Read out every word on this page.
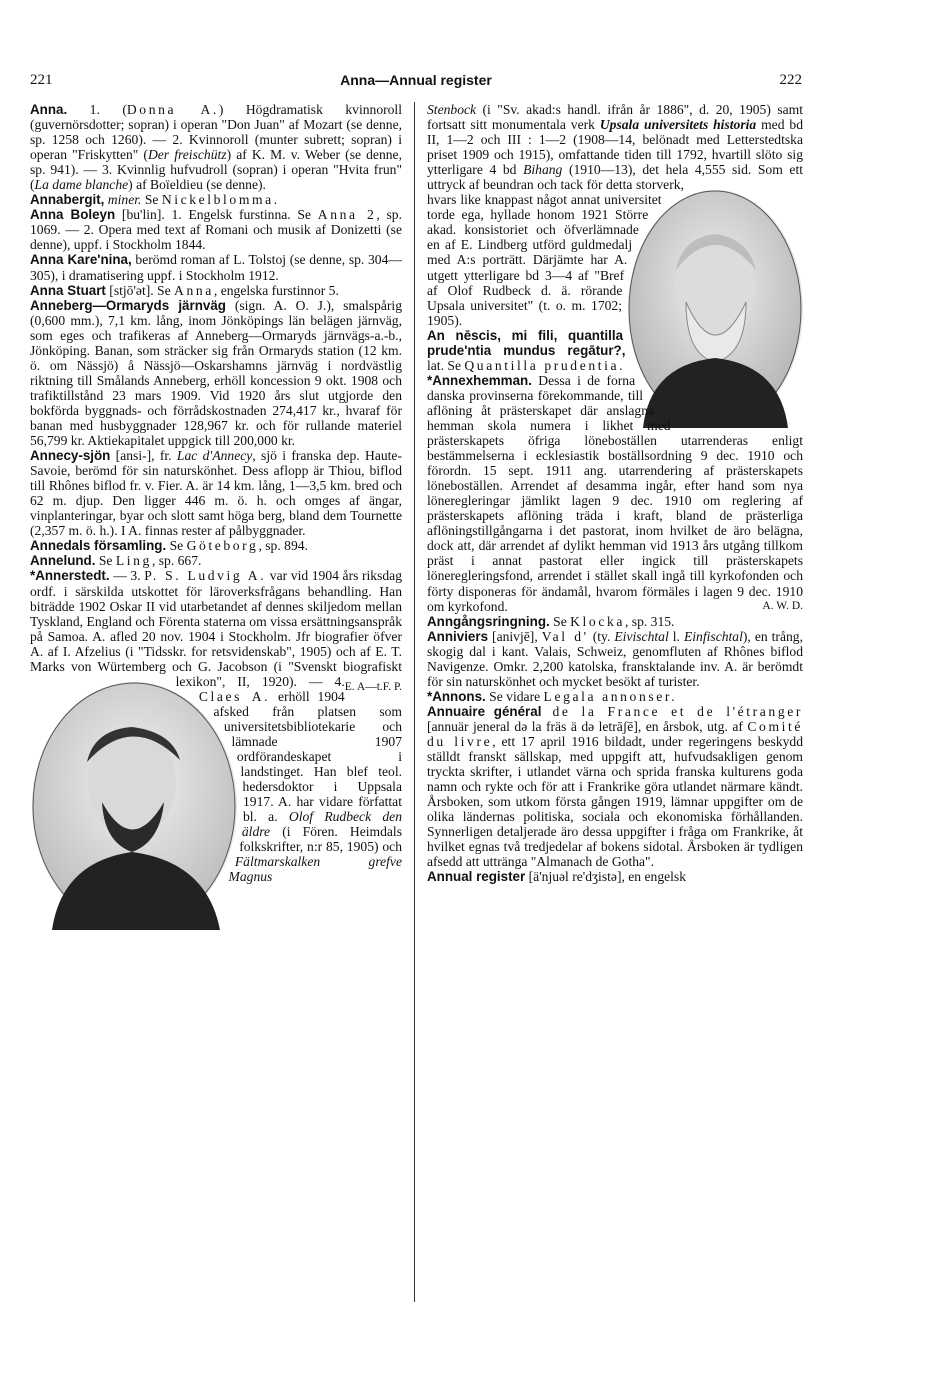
221	Anna—Annual register	222

Anna. 1. (Donna A.) Högdramatisk kvinnoroll (guvernörsdotter; sopran) i operan "Don Juan" af Mozart (se denne, sp. 1258 och 1260). — 2. Kvinnoroll (munter subrett; sopran) i operan "Friskytten" (Der freischütz) af K. M. v. Weber (se denne, sp. 941). — 3. Kvinnlig hufvudroll (sopran) i operan "Hvita frun" (La dame blanche) af Boïeldieu (se denne).

Annabergit, miner. Se Nickelblomma.

Anna Boleyn [bu'lin]. 1. Engelsk furstinna. Se Anna 2, sp. 1069. — 2. Opera med text af Romani och musik af Donizetti (se denne), uppf. i Stockholm 1844.

Anna Kare'nina, berömd roman af L. Tolstoj (se denne, sp. 304—305), i dramatisering uppf. i Stockholm 1912.

Anna Stuart [stjō'ət]. Se Anna, engelska furstinnor 5.

Anneberg—Ormaryds järnväg (sign. A. O. J.), smalspårig (0,600 mm.), 7,1 km. lång, inom Jönköpings län belägen järnväg, som eges och trafikeras af Anneberg—Ormaryds järnvägs-a.-b., Jönköping. Banan, som sträcker sig från Ormaryds station (12 km. ö. om Nässjö) å Nässjö—Oskarshamns järnväg i nordvästlig riktning till Smålands Anneberg, erhöll koncession 9 okt. 1908 och trafiktillstånd 23 mars 1909. Vid 1920 års slut utgjorde den bokförda byggnads- och förrådskostnaden 274,417 kr., hvaraf för banan med husbyggnader 128,967 kr. och för rullande materiel 56,799 kr. Aktiekapitalet uppgick till 200,000 kr.
F. P.

Annecy-sjön [ansi-], fr. Lac d'Annecy, sjö i franska dep. Haute-Savoie, berömd för sin naturskönhet. Dess aflopp är Thiou, biflod till Rhônes biflod fr. v. Fier. A. är 14 km. lång, 1—3,5 km. bred och 62 m. djup. Den ligger 446 m. ö. h. och omges af ängar, vinplanteringar, byar och slott samt höga berg, bland dem Tournette (2,357 m. ö. h.). I A. finnas rester af pålbyggnader.
E. A—t.

Annedals församling. Se Göteborg, sp. 894.

Annelund. Se Ling, sp. 667.

*Annerstedt. — 3. P. S. Ludvig A. var vid 1904 års riksdag ordf. i särskilda utskottet för läroverksfrågans behandling. Han biträdde 1902 Oskar II vid utarbetandet af dennes skiljedom mellan Tyskland, England och Förenta staterna om vissa ersättningsanspråk på Samoa. A. afled 20 nov. 1904 i Stockholm. Jfr biografier öfver A. af I. Afzelius (i "Tidsskr. for retsvidenskab", 1905) och af E. T. Marks von Würtemberg och G. Jacobson (i "Svenskt biografiskt lexikon", II, 1920). — 4. Claes A. erhöll 1904 afsked från platsen som universitetsbibliotekarie och lämnade 1907 ordförandeskapet i landstinget. Han blef teol. hedersdoktor i Uppsala 1917. A. har vidare författat bl. a. Olof Rudbeck den äldre (i Fören. Heimdals folkskrifter, n:r 85, 1905) och Fältmarskalken grefve Magnus

Stenbock (i "Sv. akad:s handl. ifrån år 1886", d. 20, 1905) samt fortsatt sitt monumentala verk Upsala universitets historia med bd II, 1—2 och III : 1—2 (1908—14, belönadt med Letterstedtska priset 1909 och 1915), omfattande tiden till 1792, hvartill slöto sig ytterligare 4 bd Bihang (1910—13), det hela 4,555 sid. Som ett uttryck af beundran och tack för detta storverk, hvars like knappast något annat universitet torde ega, hyllade honom 1921 Större akad. konsistoriet och öfverlämnade en af E. Lindberg utförd guldmedalj med A:s porträtt. Därjämte har A. utgett ytterligare bd 3—4 af "Bref af Olof Rudbeck d. ä. rörande Upsala universitet" (t. o. m. 1702; 1905).

An nēscis, mi fili, quantilla prude'ntia mundus regātur?, lat. Se Quantilla prudentia.

*Annexhemman. Dessa i de forna danska provinserna förekommande, till aflöning åt prästerskapet där anslagna hemman skola numera i likhet med prästerskapets öfriga löneboställen utarrenderas enligt bestämmelserna i ecklesiastik boställsordning 9 dec. 1910 och förordn. 15 sept. 1911 ang. utarrendering af prästerskapets löneboställen. Arrendet af desamma ingår, efter hand som nya löneregleringar jämlikt lagen 9 dec. 1910 om reglering af prästerskapets aflöning träda i kraft, bland de prästerliga aflöningstillgångarna i det pastorat, inom hvilket de äro belägna, dock att, där arrendet af dylikt hemman vid 1913 års utgång tillkom präst i annat pastorat eller ingick till prästerskapets löneregleringsfond, arrendet i stället skall ingå till kyrkofonden och förty disponeras för ändamål, hvarom förmäles i lagen 9 dec. 1910 om kyrkofond.	A. W. D.

Anngångsringning. Se Klocka, sp. 315.

Anniviers [anivjē], Val d' (ty. Eivischtal l. Einfischtal), en trång, skogig dal i kant. Valais, Schweiz, genomfluten af Rhônes biflod Navigenze. Omkr. 2,200 katolska, fransktalande inv. A. är berömdt för sin naturskönhet och mycket besökt af turister.

*Annons. Se vidare Legala annonser.

Annuaire général de la France et de l'étranger [annuär jeneral də la fräs ä də letrāʃē], en årsbok, utg. af Comité du livre, ett 17 april 1916 bildadt, under regeringens beskydd ställdt franskt sällskap, med uppgift att, hufvudsakligen genom tryckta skrifter, i utlandet värna och sprida franska kulturens goda namn och rykte och för att i Frankrike göra utlandet närmare kändt. Årsboken, som utkom första gången 1919, lämnar uppgifter om de olika ländernas politiska, sociala och ekonomiska förhållanden. Synnerligen detaljerade äro dessa uppgifter i fråga om Frankrike, åt hvilket egnas två tredjedelar af bokens sidotal. Årsboken är tydligen afsedd att utträngа "Almanach de Gotha".

Annual register [ä'njuəl re'dʒistə], en engelsk
